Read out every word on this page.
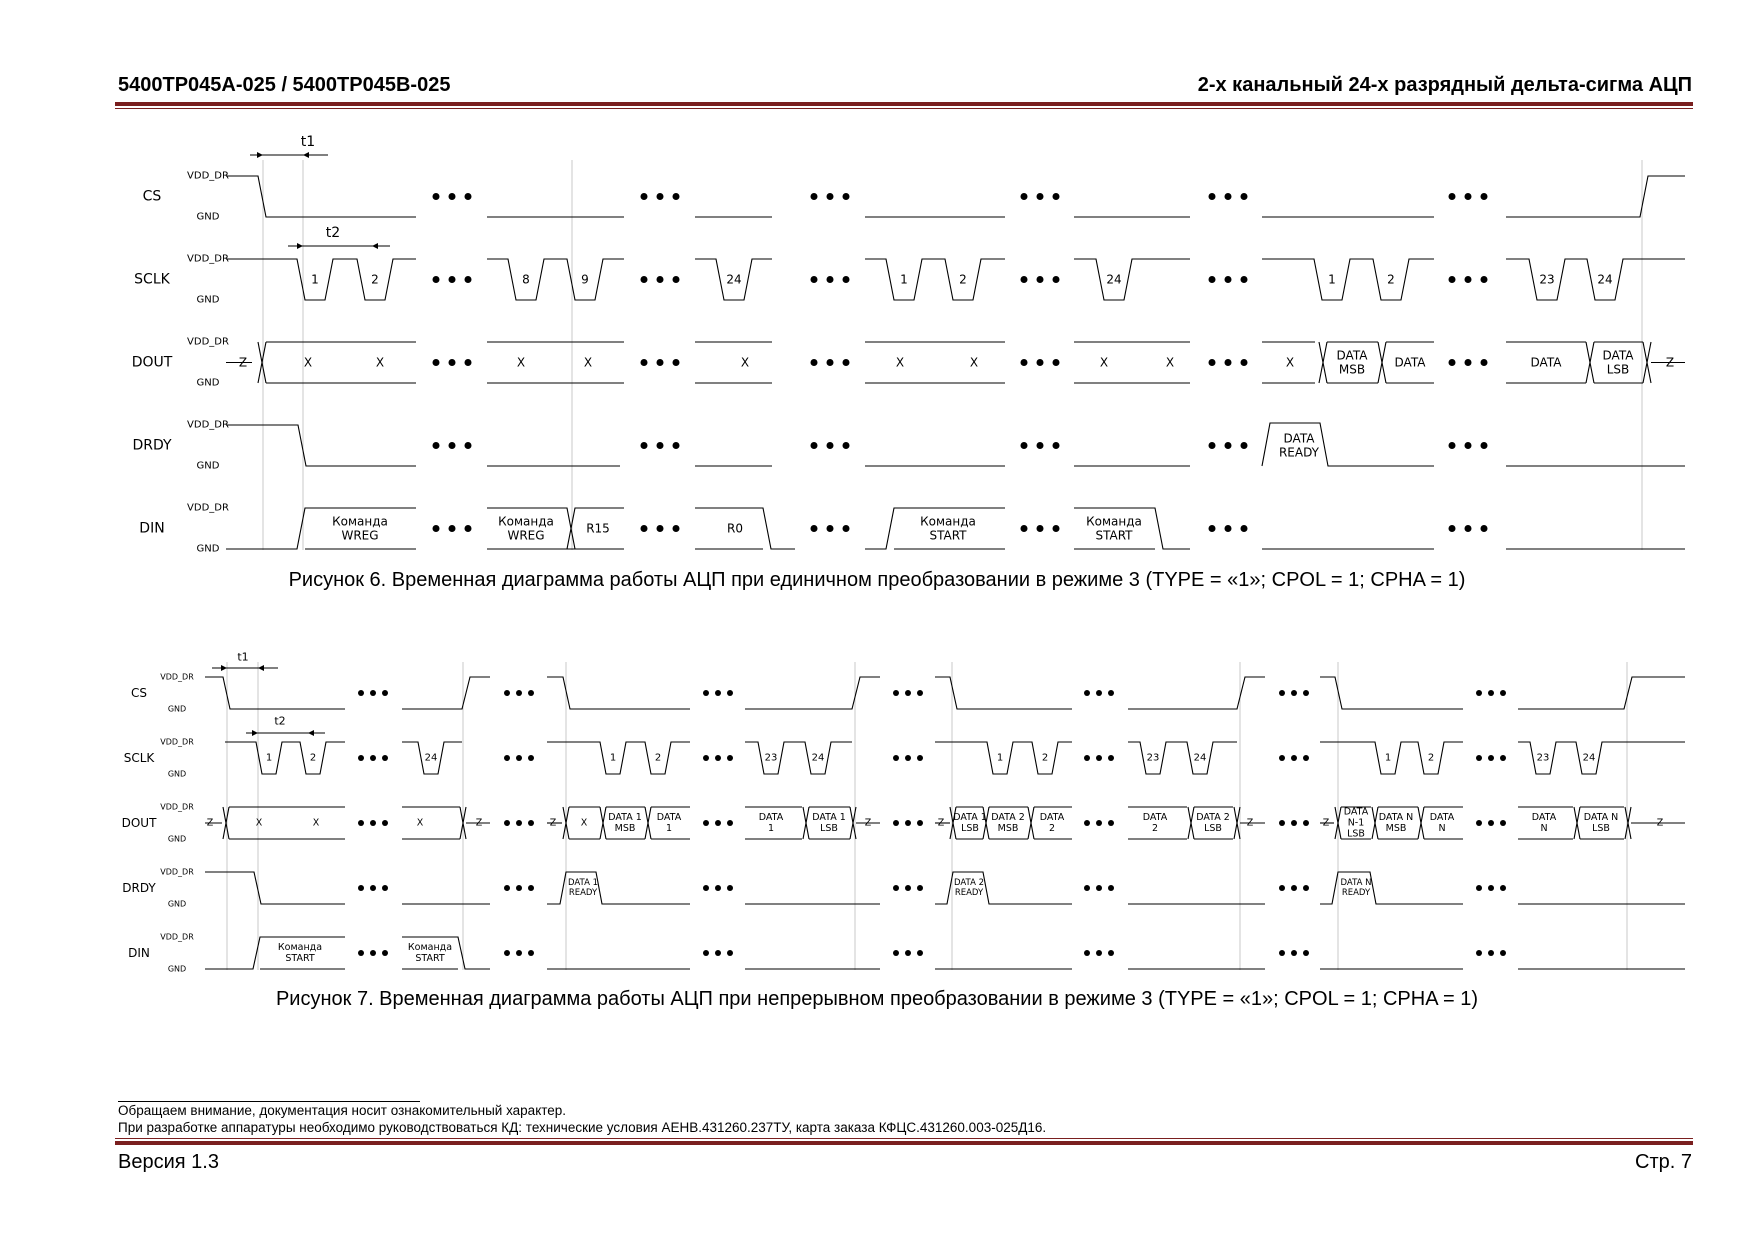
5400ТР045А-025 / 5400ТР045В-025	2-х канальный 24-х разрядный дельта-сигма АЦП
CS
VDD_DR
GND
SCLK
VDD_DR
GND
DOUT
VDD_DR
GND
DRDY
VDD_DR
GND
DIN
VDD_DR
GND
t1
1	2	8	9	24	1	2	24	1	2	23	24
t2
Z	X	X	X	X	X	X	X	X	X	X	DATA
MSB DATA	DATA	DATA
LSB	Z
DATA
READY
Команда
WREG
Команда
WREG	R15	R0	Команда
START
Команда
START
Рисунок 6. Временная диаграмма работы АЦП при единичном преобразовании в режиме 3 (TYPE = «1»; CPOL = 1; CPHA = 1)
CS
VDD_DR
GND
SCLK
VDD_DR
GND
DOUT
VDD_DR
GND
DRDY
VDD_DR
GND
DIN
VDD_DR
GND
t1
1	2	24	1	2	23	24	1	2	23	24	1	2	23	24
t2
Z	X	X	X	Z	Z	X DATA 1
MSB
DATA
1
DATA
1
DATA 1
LSB	Z	Z DATA 1
LSB
DATA 2
MSB
DATA
2
DATA
2
DATA 2
LSB	Z	Z
DATA
N-1
LSB
DATA N
MSB
DATA
N
DATA
N
DATA N
LSB	Z
DATA 1
READY
DATA 2
READY
DATA N
READY
Команда
START
Команда
START
Рисунок 7. Временная диаграмма работы АЦП при непрерывном преобразовании в режиме 3 (TYPE = «1»; CPOL = 1; CPHA = 1)
Обращаем внимание, документация носит ознакомительный характер.
При разработке аппаратуры необходимо руководствоваться КД: технические условия АЕНВ.431260.237ТУ, карта заказа КФЦС.431260.003-025Д16.
Версия 1.3	Стр. 7
